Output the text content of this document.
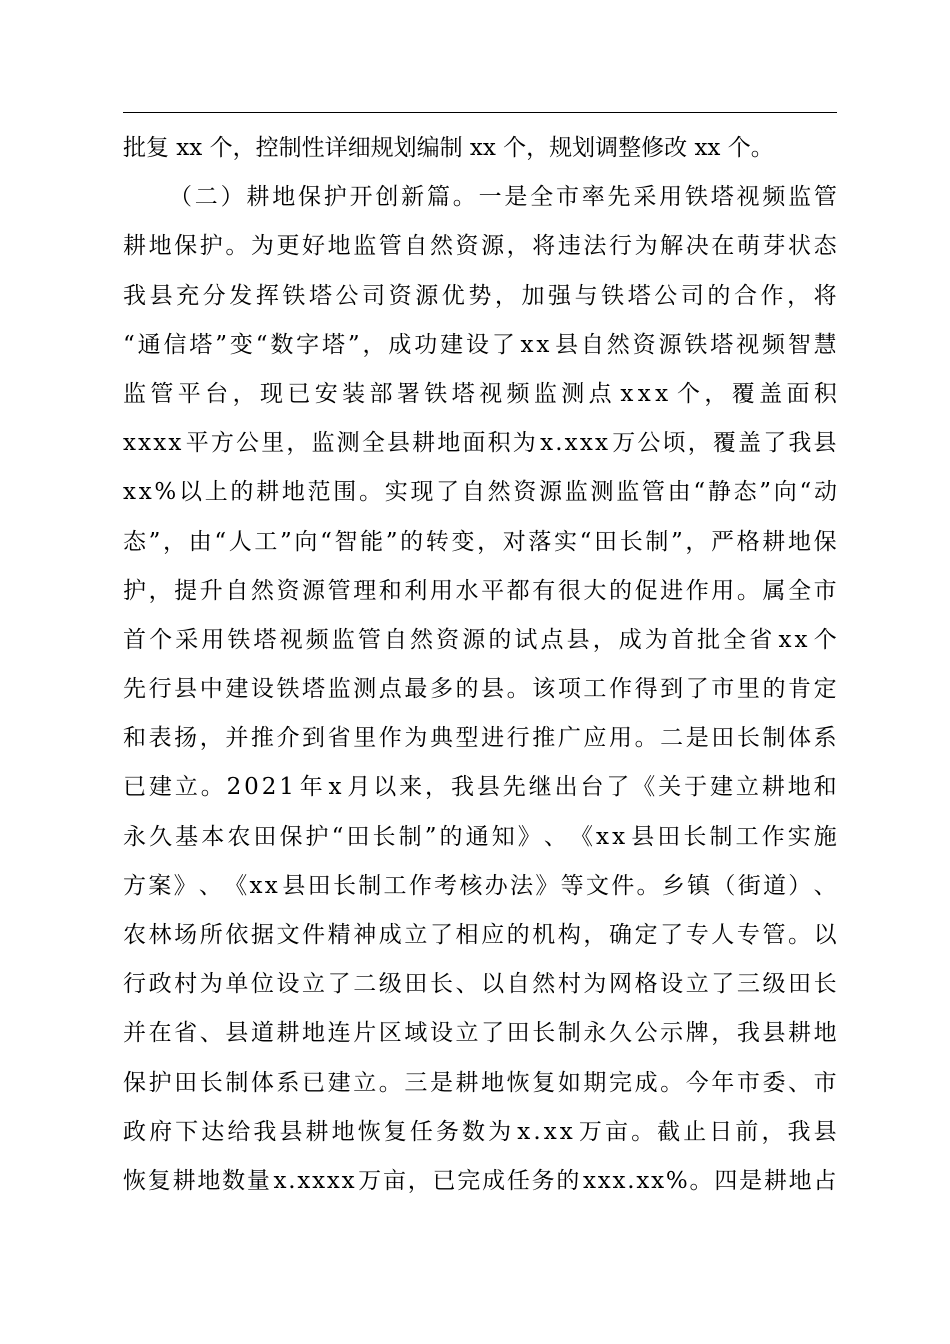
批复 xx 个，控制性详细规划编制 xx 个，规划调整修改 xx 个。
（ 二 ） 耕 地 保 护 开 创 新 篇 。 一 是 全 市 率 先 采 用 铁 塔 视 频 监 管
耕 地 保 护 。 为 更 好 地 监 管 自 然 资 源 ， 将 违 法 行 为 解 决 在 萌 芽 状 态
我 县 充 分 发 挥 铁 塔 公 司 资 源 优 势 ， 加 强 与 铁 塔 公 司 的 合 作 ， 将
“ 通 信 塔 ” 变 “ 数 字 塔 ” ， 成 功 建 设 了 x x 县 自 然 资 源 铁 塔 视 频 智 慧
监 管 平 台 ， 现 已 安 装 部 署 铁 塔 视 频 监 测 点 x x x 个 ， 覆 盖 面 积
x x x x 平 方 公 里 ， 监 测 全 县 耕 地 面 积 为 x . x x x 万 公 顷 ， 覆 盖 了 我 县
x x % 以 上 的 耕 地 范 围 。 实 现 了 自 然 资 源 监 测 监 管 由 “ 静 态 ” 向 “ 动
态 ” ， 由 “ 人 工 ” 向 “ 智 能 ” 的 转 变 ， 对 落 实 “ 田 长 制 ” ， 严 格 耕 地 保
护 ， 提 升 自 然 资 源 管 理 和 利 用 水 平 都 有 很 大 的 促 进 作 用 。 属 全 市
首 个 采 用 铁 塔 视 频 监 管 自 然 资 源 的 试 点 县 ， 成 为 首 批 全 省 x x 个
先 行 县 中 建 设 铁 塔 监 测 点 最 多 的 县 。 该 项 工 作 得 到 了 市 里 的 肯 定
和 表 扬 ， 并 推 介 到 省 里 作 为 典 型 进 行 推 广 应 用 。 二 是 田 长 制 体 系
已 建 立 。 2 0 2 1 年 x 月 以 来 ， 我 县 先 继 出 台 了 《 关 于 建 立 耕 地 和
永 久 基 本 农 田 保 护 “ 田 长 制 ” 的 通 知 》 、 《 x x 县 田 长 制 工 作 实 施
方 案 》 、 《 x x 县 田 长 制 工 作 考 核 办 法 》 等 文 件 。 乡 镇 （ 街 道 ） 、
农 林 场 所 依 据 文 件 精 神 成 立 了 相 应 的 机 构 ， 确 定 了 专 人 专 管 。 以
行 政 村 为 单 位 设 立 了 二 级 田 长 、 以 自 然 村 为 网 格 设 立 了 三 级 田 长
并 在 省 、 县 道 耕 地 连 片 区 域 设 立 了 田 长 制 永 久 公 示 牌 ， 我 县 耕 地
保 护 田 长 制 体 系 已 建 立 。 三 是 耕 地 恢 复 如 期 完 成 。 今 年 市 委 、 市
政 府 下 达 给 我 县 耕 地 恢 复 任 务 数 为 x . x x 万 亩 。 截 止 日 前 ， 我 县
恢 复 耕 地 数 量 x . x x x x 万 亩 ， 已 完 成 任 务 的 x x x . x x % 。 四 是 耕 地 占
